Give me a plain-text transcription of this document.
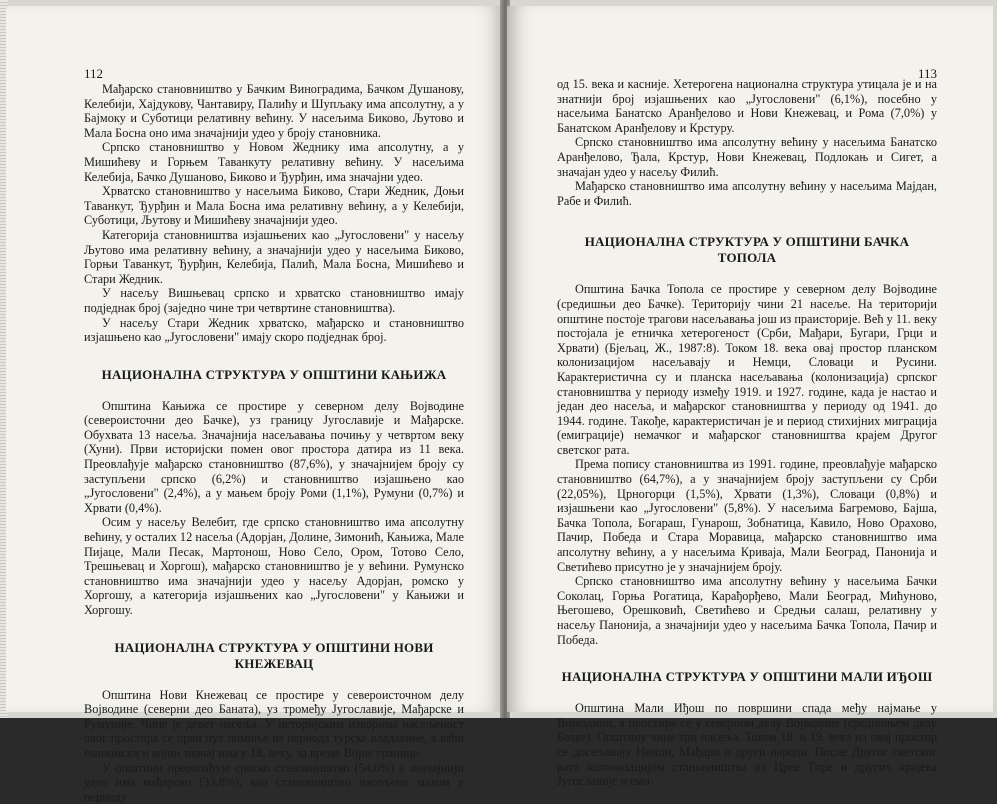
112

Мађарско становништво у Бачким Виноградима, Бачком Душанову, Келебији, Хајдукову, Чантавиру, Палићу и Шупљаку има апсолутну, а у Бајмоку и Суботици релативну већину. У насељима Биково, Љутово и Мала Босна оно има значајнији удео у броју становника.

Српско становништво у Новом Жеднику има апсолутну, а у Мишићеву и Горњем Таванкуту релативну већину. У насељима Келебија, Бачко Душаново, Биково и Ђурђин, има значајни удео.

Хрватско становништво у насељима Биково, Стари Жедник, Доњи Таванкут, Ђурђин и Мала Босна има релативну већину, а у Келебији, Суботици, Љутову и Мишићеву значајнији удео.

Категорија становништва изјашњених као „Југословени" у насељу Љутово има релативну већину, а значајнији удео у насељима Биково, Горњи Таванкут, Ђурђин, Келебија, Палић, Мала Босна, Мишићево и Стари Жедник.

У насељу Вишњевац српско и хрватско становништво имају подједнак број (заједно чине три четвртине становништва).

У насељу Стари Жедник хрватско, мађарско и становништво изјашњено као „Југословени" имају скоро подједнак број.

НАЦИОНАЛНА СТРУКТУРА У ОПШТИНИ КАЊИЖА

Општина Кањижа се простире у северном делу Војводине (североисточни део Бачке), уз границу Југославије и Мађарске. Обухвата 13 насеља. Значајнија насељавања почињу у четвртом веку (Хуни). Први историјски помен овог простора датира из 11 века. Преовлађује мађарско становништво (87,6%), у значајнијем броју су заступљени српско (6,2%) и становништво изјашњено као „Југословени" (2,4%), а у мањем броју Роми (1,1%), Румуни (0,7%) и Хрвати (0,4%).

Осим у насељу Велебит, где српско становништво има апсолутну већину, у осталих 12 насеља (Адорјан, Долине, Зимонић, Кањижа, Мале Пијаце, Мали Песак, Мартонош, Ново Село, Ором, Тотово Село, Трешњевац и Хоргош), мађарско становништво је у већини. Румунско становништво има значајнији удео у насељу Адорјан, ромско у Хоргошу, а категорија изјашњених као „Југословени" у Кањижи и Хоргошу.

НАЦИОНАЛНА СТРУКТУРА У ОПШТИНИ НОВИ КНЕЖЕВАЦ

Општина Нови Кнежевац се простире у североисточном делу Војводине (северни део Баната), уз тромеђу Југославије, Мађарске и Румуније. Чине је девет насеља. У историјским изворима насељеност овог простора се први пут помиње из периода турске владавине, а већи економски и војни значај има у 18. веку, за време Војне границе.

У општини преовлађује српско становништво (54,0%) а значајнији удео има мађарско (33,8%), као становништво насељено махом у периоду

113

од 15. века и касније. Хетерогена национална структура утицала је и на знатнији број изјашњених као „Југословени" (6,1%), посебно у насељима Банатско Аранђелово и Нови Кнежевац, и Рома (7,0%) у Банатском Аранђелову и Крстуру.

Српско становништво има апсолутну већину у насељима Банатско Аранђелово, Ђала, Крстур, Нови Кнежевац, Подлокањ и Сигет, а значајан удео у насељу Филић.

Мађарско становништво има апсолутну већину у насељима Мајдан, Рабе и Филић.

НАЦИОНАЛНА СТРУКТУРА У ОПШТИНИ БАЧКА ТОПОЛА

Општина Бачка Топола се простире у северном делу Војводине (средишњи део Бачке). Територију чини 21 насеље. На територији општине постоје трагови насељавања још из праисторије. Већ у 11. веку постојала је етничка хетерогеност (Срби, Мађари, Бугари, Грци и Хрвати) (Бјељац, Ж., 1987:8). Током 18. века овај простор планском колонизацијом насељавају и Немци, Словаци и Русини. Карактеристична су и планска насељавања (колонизација) српског становништва у периоду између 1919. и 1927. године, када је настао и један део насеља, и мађарског становништва у периоду од 1941. до 1944. године. Такође, карактеристичан је и период стихијних миграција (емиграције) немачког и мађарског становништва крајем Другог светског рата.

Према попису становништва из 1991. године, преовлађује мађарско становништво (64,7%), а у значајнијем броју заступљени су Срби (22,05%), Црногорци (1,5%), Хрвати (1,3%), Словаци (0,8%) и изјашњени као „Југословени" (5,8%). У насељима Багремово, Бајша, Бачка Топола, Богараш, Гунарош, Зобнатица, Кавило, Ново Орахово, Пачир, Победа и Стара Моравица, мађарско становништво има апсолутну већину, а у насељима Криваја, Мали Београд, Панонија и Светићево присутно је у значајнијем броју.

Српско становништво има апсолутну већину у насељима Бачки Соколац, Горња Рогатица, Карађорђево, Мали Београд, Мићуново, Његошево, Орешковић, Светићево и Средњи салаш, релативну у насељу Панонија, а значајнији удео у насељима Бачка Топола, Пачир и Победа.

НАЦИОНАЛНА СТРУКТУРА У ОПШТИНИ МАЛИ ИЂОШ

Општина Мали Иђош по површини спада међу најмање у Војводини, а простире се у северном делу Војводине (средишњем делу Бачке). Општину чине три насеља. Током 18. и 19. века на овај простор се досељавају Немци, Мађари и други народи. После Другог светског рата колонизацијом становништва из Црне Горе и других крајева Југославије и еми-
